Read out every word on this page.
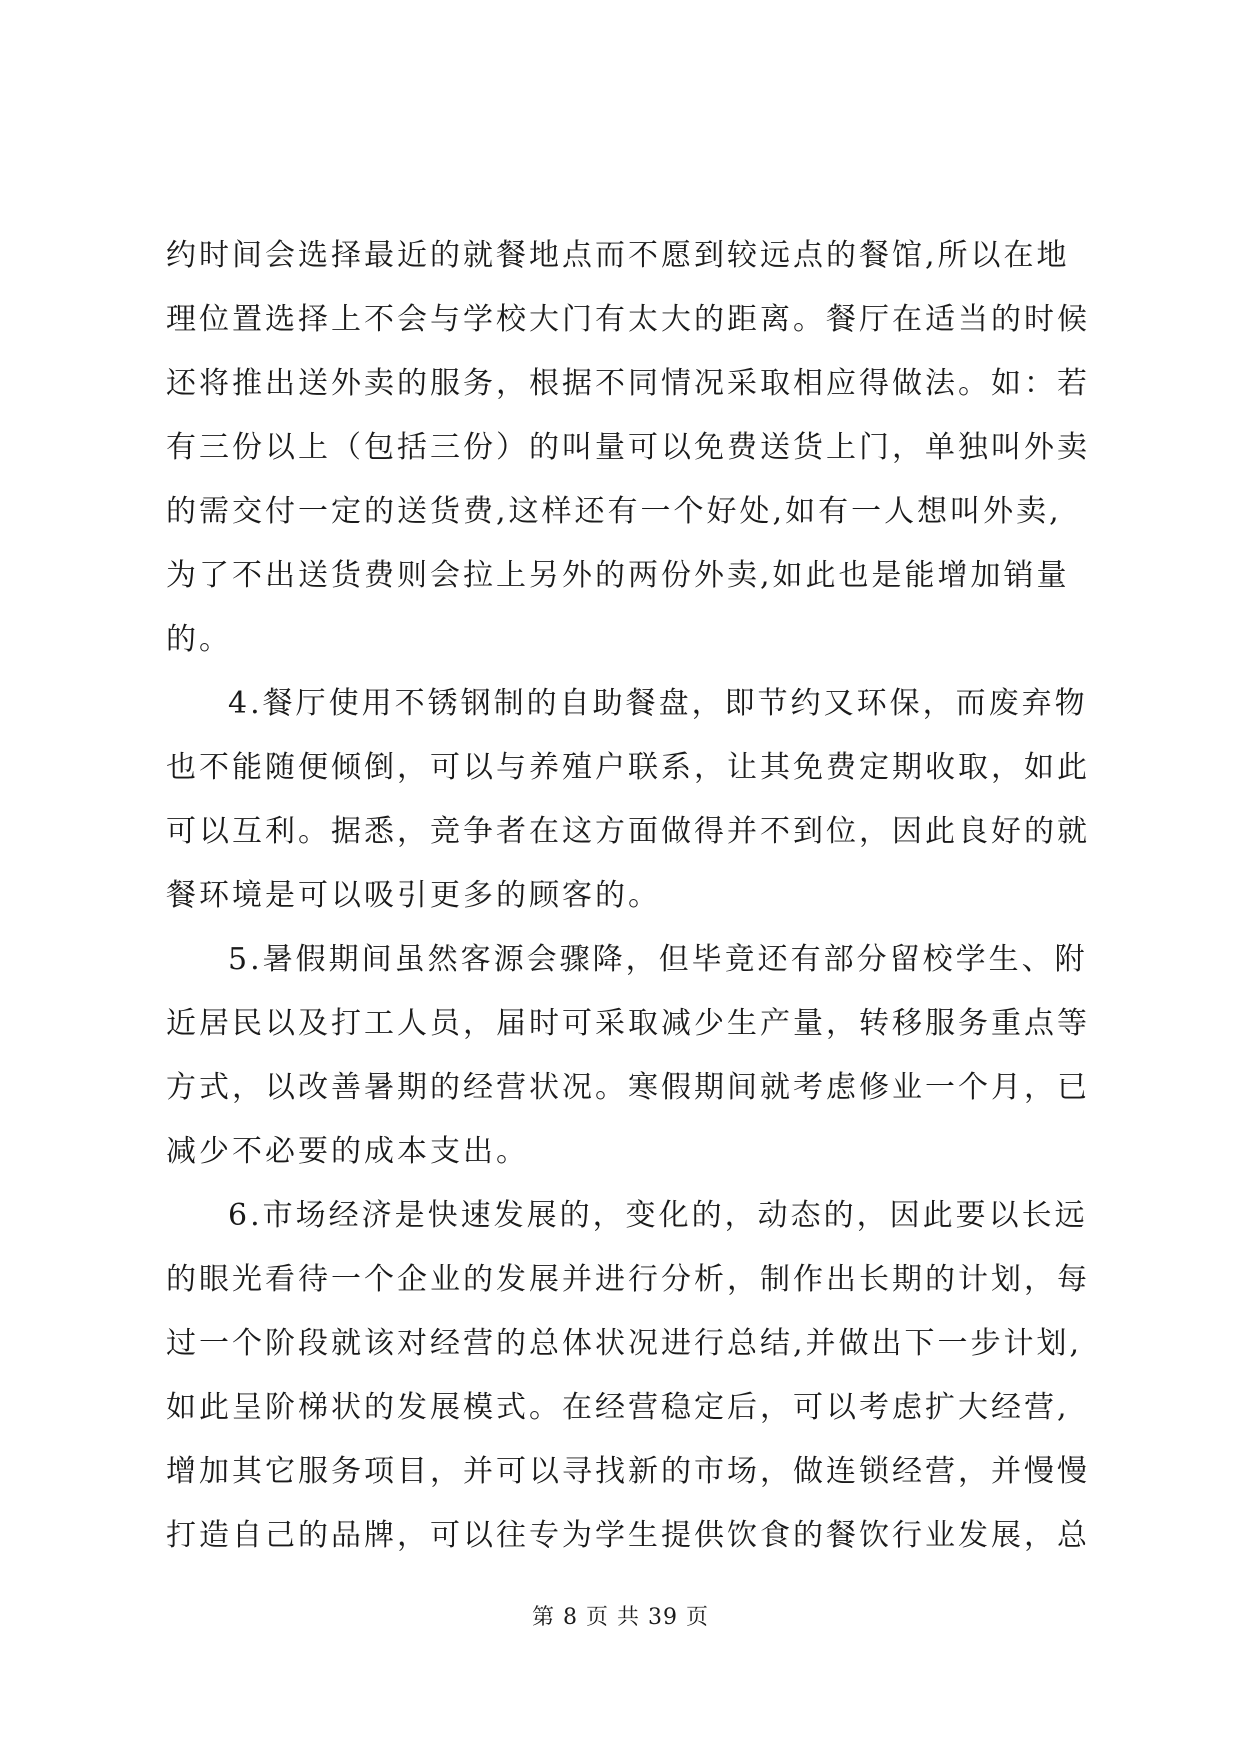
约时间会选择最近的就餐地点而不愿到较远点的餐馆,所以在地
理位置选择上不会与学校大门有太大的距离。餐厅在适当的时候
还将推出送外卖的服务，根据不同情况采取相应得做法。如：若
有三份以上（包括三份）的叫量可以免费送货上门，单独叫外卖
的需交付一定的送货费,这样还有一个好处,如有一人想叫外卖,
为了不出送货费则会拉上另外的两份外卖,如此也是能增加销量
的。
4.餐厅使用不锈钢制的自助餐盘，即节约又环保，而废弃物
也不能随便倾倒，可以与养殖户联系，让其免费定期收取，如此
可以互利。据悉，竞争者在这方面做得并不到位，因此良好的就
餐环境是可以吸引更多的顾客的。
5.暑假期间虽然客源会骤降，但毕竟还有部分留校学生、附
近居民以及打工人员，届时可采取减少生产量，转移服务重点等
方式，以改善暑期的经营状况。寒假期间就考虑修业一个月，已
减少不必要的成本支出。
6.市场经济是快速发展的，变化的，动态的，因此要以长远
的眼光看待一个企业的发展并进行分析，制作出长期的计划，每
过一个阶段就该对经营的总体状况进行总结,并做出下一步计划,
如此呈阶梯状的发展模式。在经营稳定后，可以考虑扩大经营,
增加其它服务项目，并可以寻找新的市场，做连锁经营，并慢慢
打造自己的品牌，可以往专为学生提供饮食的餐饮行业发展，总
第 8 页 共 39 页
